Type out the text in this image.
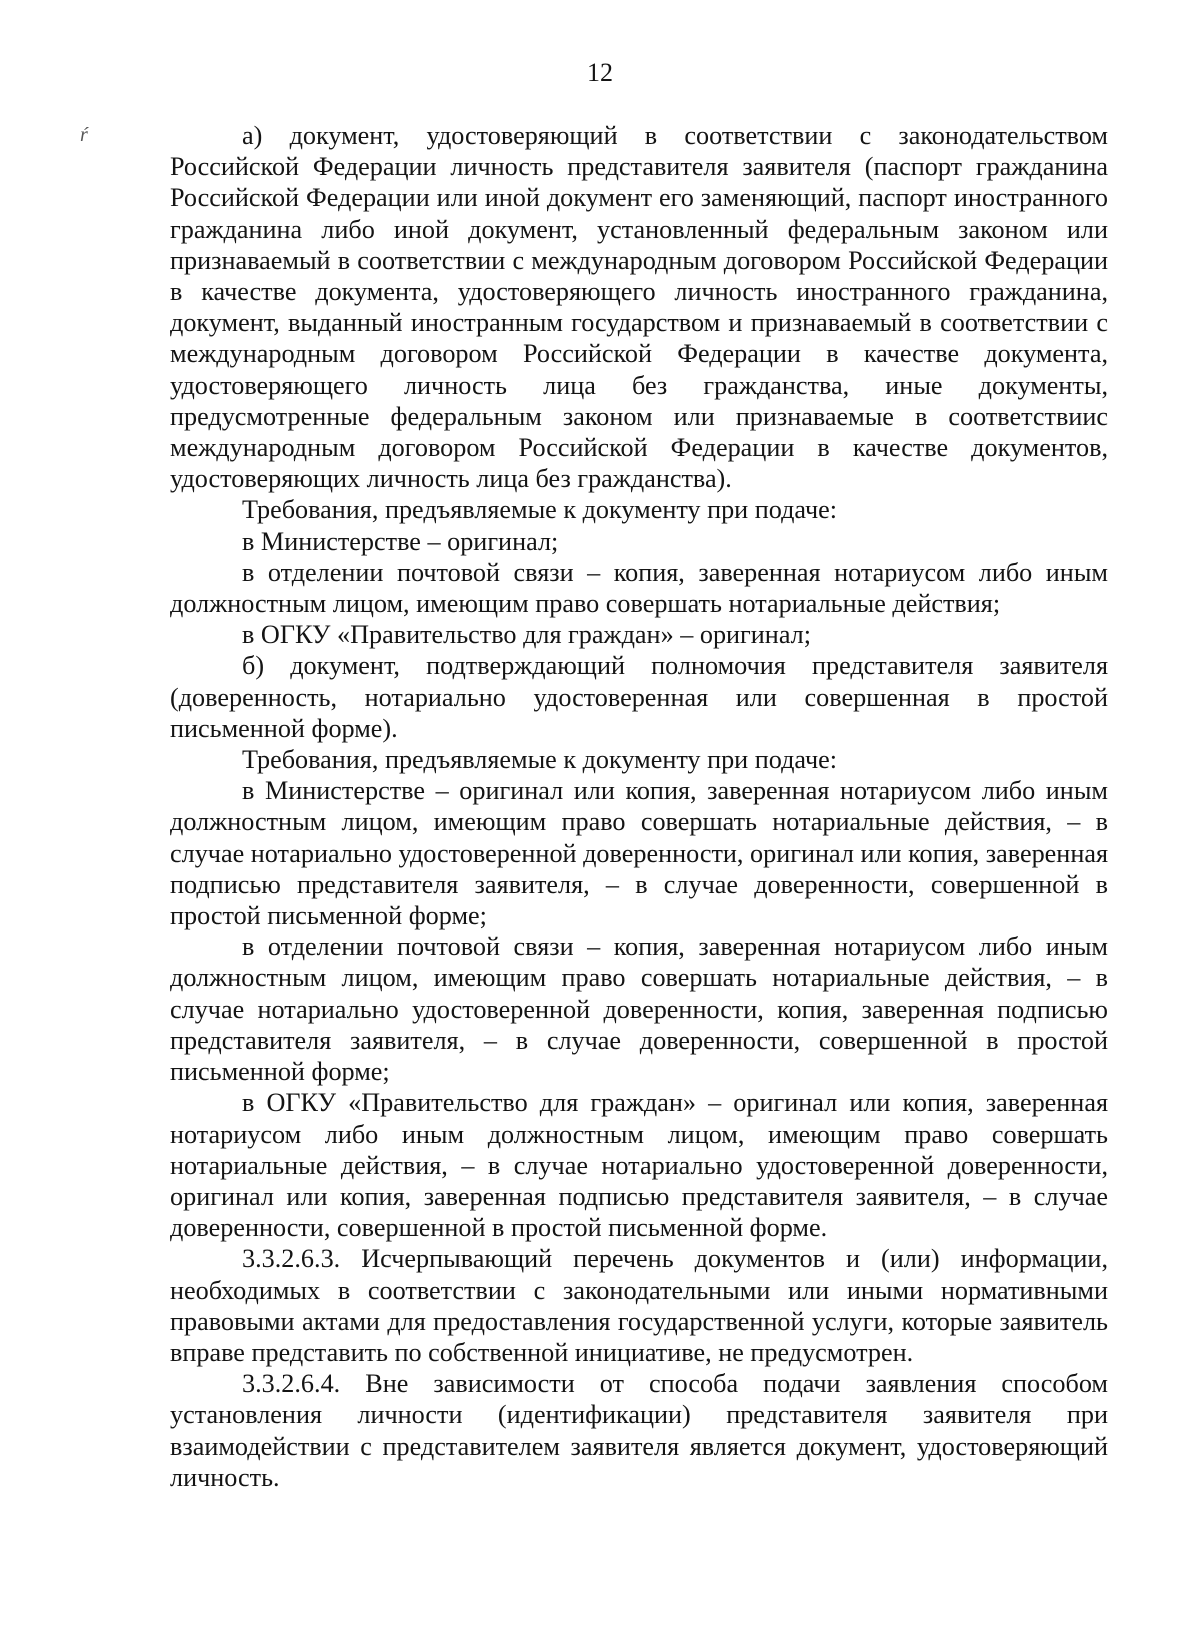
12
ŕ	а) документ, удостоверяющий в соответствии с законодательством Российской Федерации личность представителя заявителя (паспорт гражданина Российской Федерации или иной документ его заменяющий, паспорт иностранного гражданина либо иной документ, установленный федеральным законом или признаваемый в соответствии с международным договором Российской Федерации в качестве документа, удостоверяющего личность иностранного гражданина, документ, выданный иностранным государством и признаваемый в соответствии с международным договором Российской Федерации в качестве документа, удостоверяющего личность лица без гражданства, иные документы, предусмотренные федеральным законом или признаваемые в соответствиис международным договором Российской Федерации в качестве документов, удостоверяющих личность лица без гражданства).

Требования, предъявляемые к документу при подаче:

в Министерстве – оригинал;

в отделении почтовой связи – копия, заверенная нотариусом либо иным должностным лицом, имеющим право совершать нотариальные действия;

в ОГКУ «Правительство для граждан» – оригинал;

б) документ, подтверждающий полномочия представителя заявителя (доверенность, нотариально удостоверенная или совершенная в простой письменной форме).

Требования, предъявляемые к документу при подаче:

в Министерстве – оригинал или копия, заверенная нотариусом либо иным должностным лицом, имеющим право совершать нотариальные действия, – в случае нотариально удостоверенной доверенности, оригинал или копия, заверенная подписью представителя заявителя, – в случае доверенности, совершенной в простой письменной форме;

в отделении почтовой связи – копия, заверенная нотариусом либо иным должностным лицом, имеющим право совершать нотариальные действия, – в случае нотариально удостоверенной доверенности, копия, заверенная подписью представителя заявителя, – в случае доверенности, совершенной в простой письменной форме;

в ОГКУ «Правительство для граждан» – оригинал или копия, заверенная нотариусом либо иным должностным лицом, имеющим право совершать нотариальные действия, – в случае нотариально удостоверенной доверенности, оригинал или копия, заверенная подписью представителя заявителя, – в случае доверенности, совершенной в простой письменной форме.

3.3.2.6.3. Исчерпывающий перечень документов и (или) информации, необходимых в соответствии с законодательными или иными нормативными правовыми актами для предоставления государственной услуги, которые заявитель вправе представить по собственной инициативе, не предусмотрен.

3.3.2.6.4. Вне зависимости от способа подачи заявления способом установления личности (идентификации) представителя заявителя при взаимодействии с представителем заявителя является документ, удостоверяющий личность.
